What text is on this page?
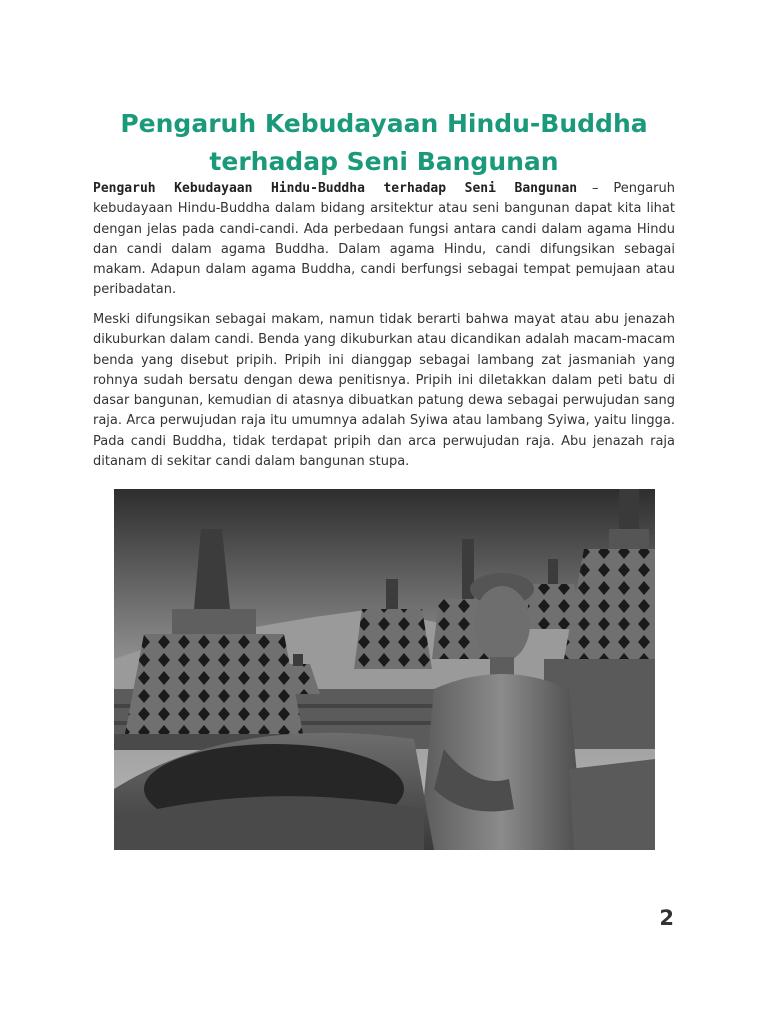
Pengaruh Kebudayaan Hindu-Buddha
terhadap Seni Bangunan

Pengaruh Kebudayaan Hindu-Buddha terhadap Seni Bangunan – Pengaruh kebudayaan Hindu-Buddha dalam bidang arsitektur atau seni bangunan dapat kita lihat dengan jelas pada candi-candi. Ada perbedaan fungsi antara candi dalam agama Hindu dan candi dalam agama Buddha. Dalam agama Hindu, candi difungsikan sebagai makam. Adapun dalam agama Buddha, candi berfungsi sebagai tempat pemujaan atau peribadatan.

Meski difungsikan sebagai makam, namun tidak berarti bahwa mayat atau abu jenazah dikuburkan dalam candi. Benda yang dikuburkan atau dicandikan adalah macam-macam benda yang disebut pripih. Pripih ini dianggap sebagai lambang zat jasmaniah yang rohnya sudah bersatu dengan dewa penitisnya. Pripih ini diletakkan dalam peti batu di dasar bangunan, kemudian di atasnya dibuatkan patung dewa sebagai perwujudan sang raja. Arca perwujudan raja itu umumnya adalah Syiwa atau lambang Syiwa, yaitu lingga. Pada candi Buddha, tidak terdapat pripih dan arca perwujudan raja. Abu jenazah raja ditanam di sekitar candi dalam bangunan stupa.

2
